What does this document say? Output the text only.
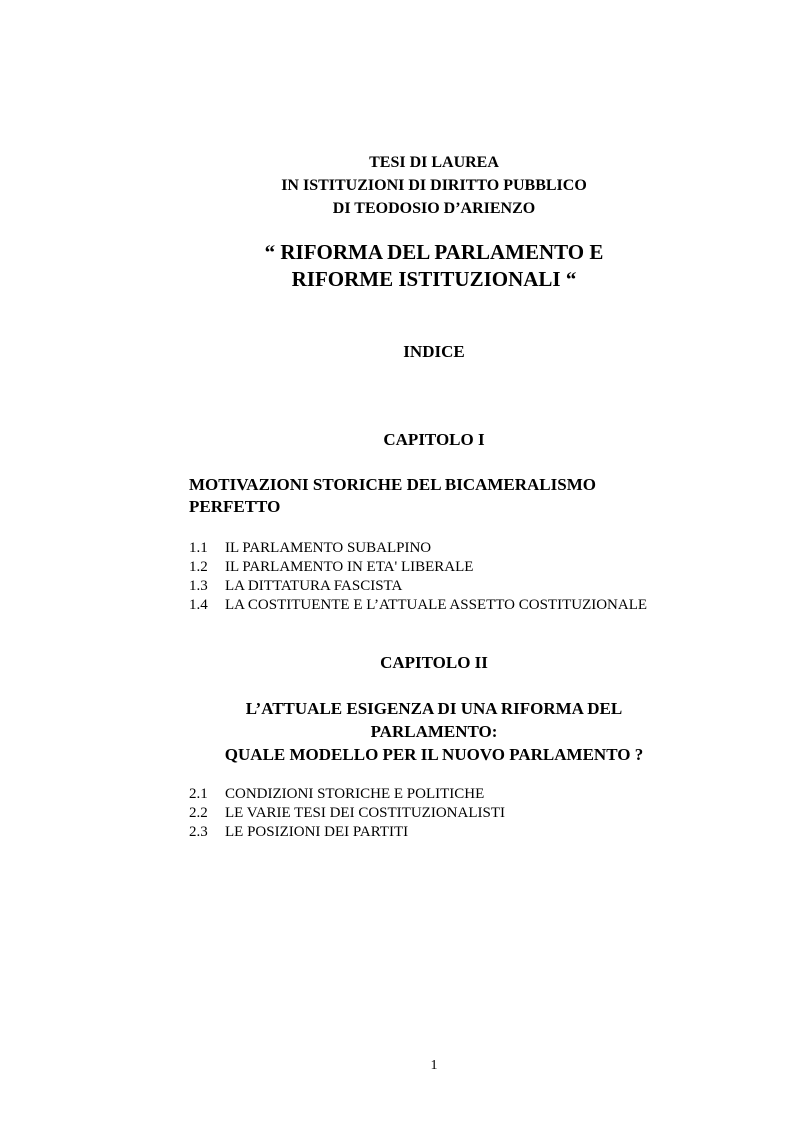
TESI DI LAUREA
IN ISTITUZIONI DI DIRITTO PUBBLICO
DI TEODOSIO D’ARIENZO
“ RIFORMA DEL PARLAMENTO E
RIFORME ISTITUZIONALI “
INDICE
CAPITOLO I
MOTIVAZIONI STORICHE DEL BICAMERALISMO
PERFETTO
1.1 IL PARLAMENTO SUBALPINO
1.2 IL PARLAMENTO IN ETA' LIBERALE
1.3 LA DITTATURA FASCISTA
1.4 LA COSTITUENTE E L’ATTUALE ASSETTO COSTITUZIONALE
CAPITOLO II
L’ATTUALE ESIGENZA DI UNA RIFORMA DEL
PARLAMENTO:
QUALE MODELLO PER IL NUOVO PARLAMENTO ?
2.1 CONDIZIONI STORICHE E POLITICHE
2.2 LE VARIE TESI DEI COSTITUZIONALISTI
2.3 LE POSIZIONI DEI PARTITI
1
